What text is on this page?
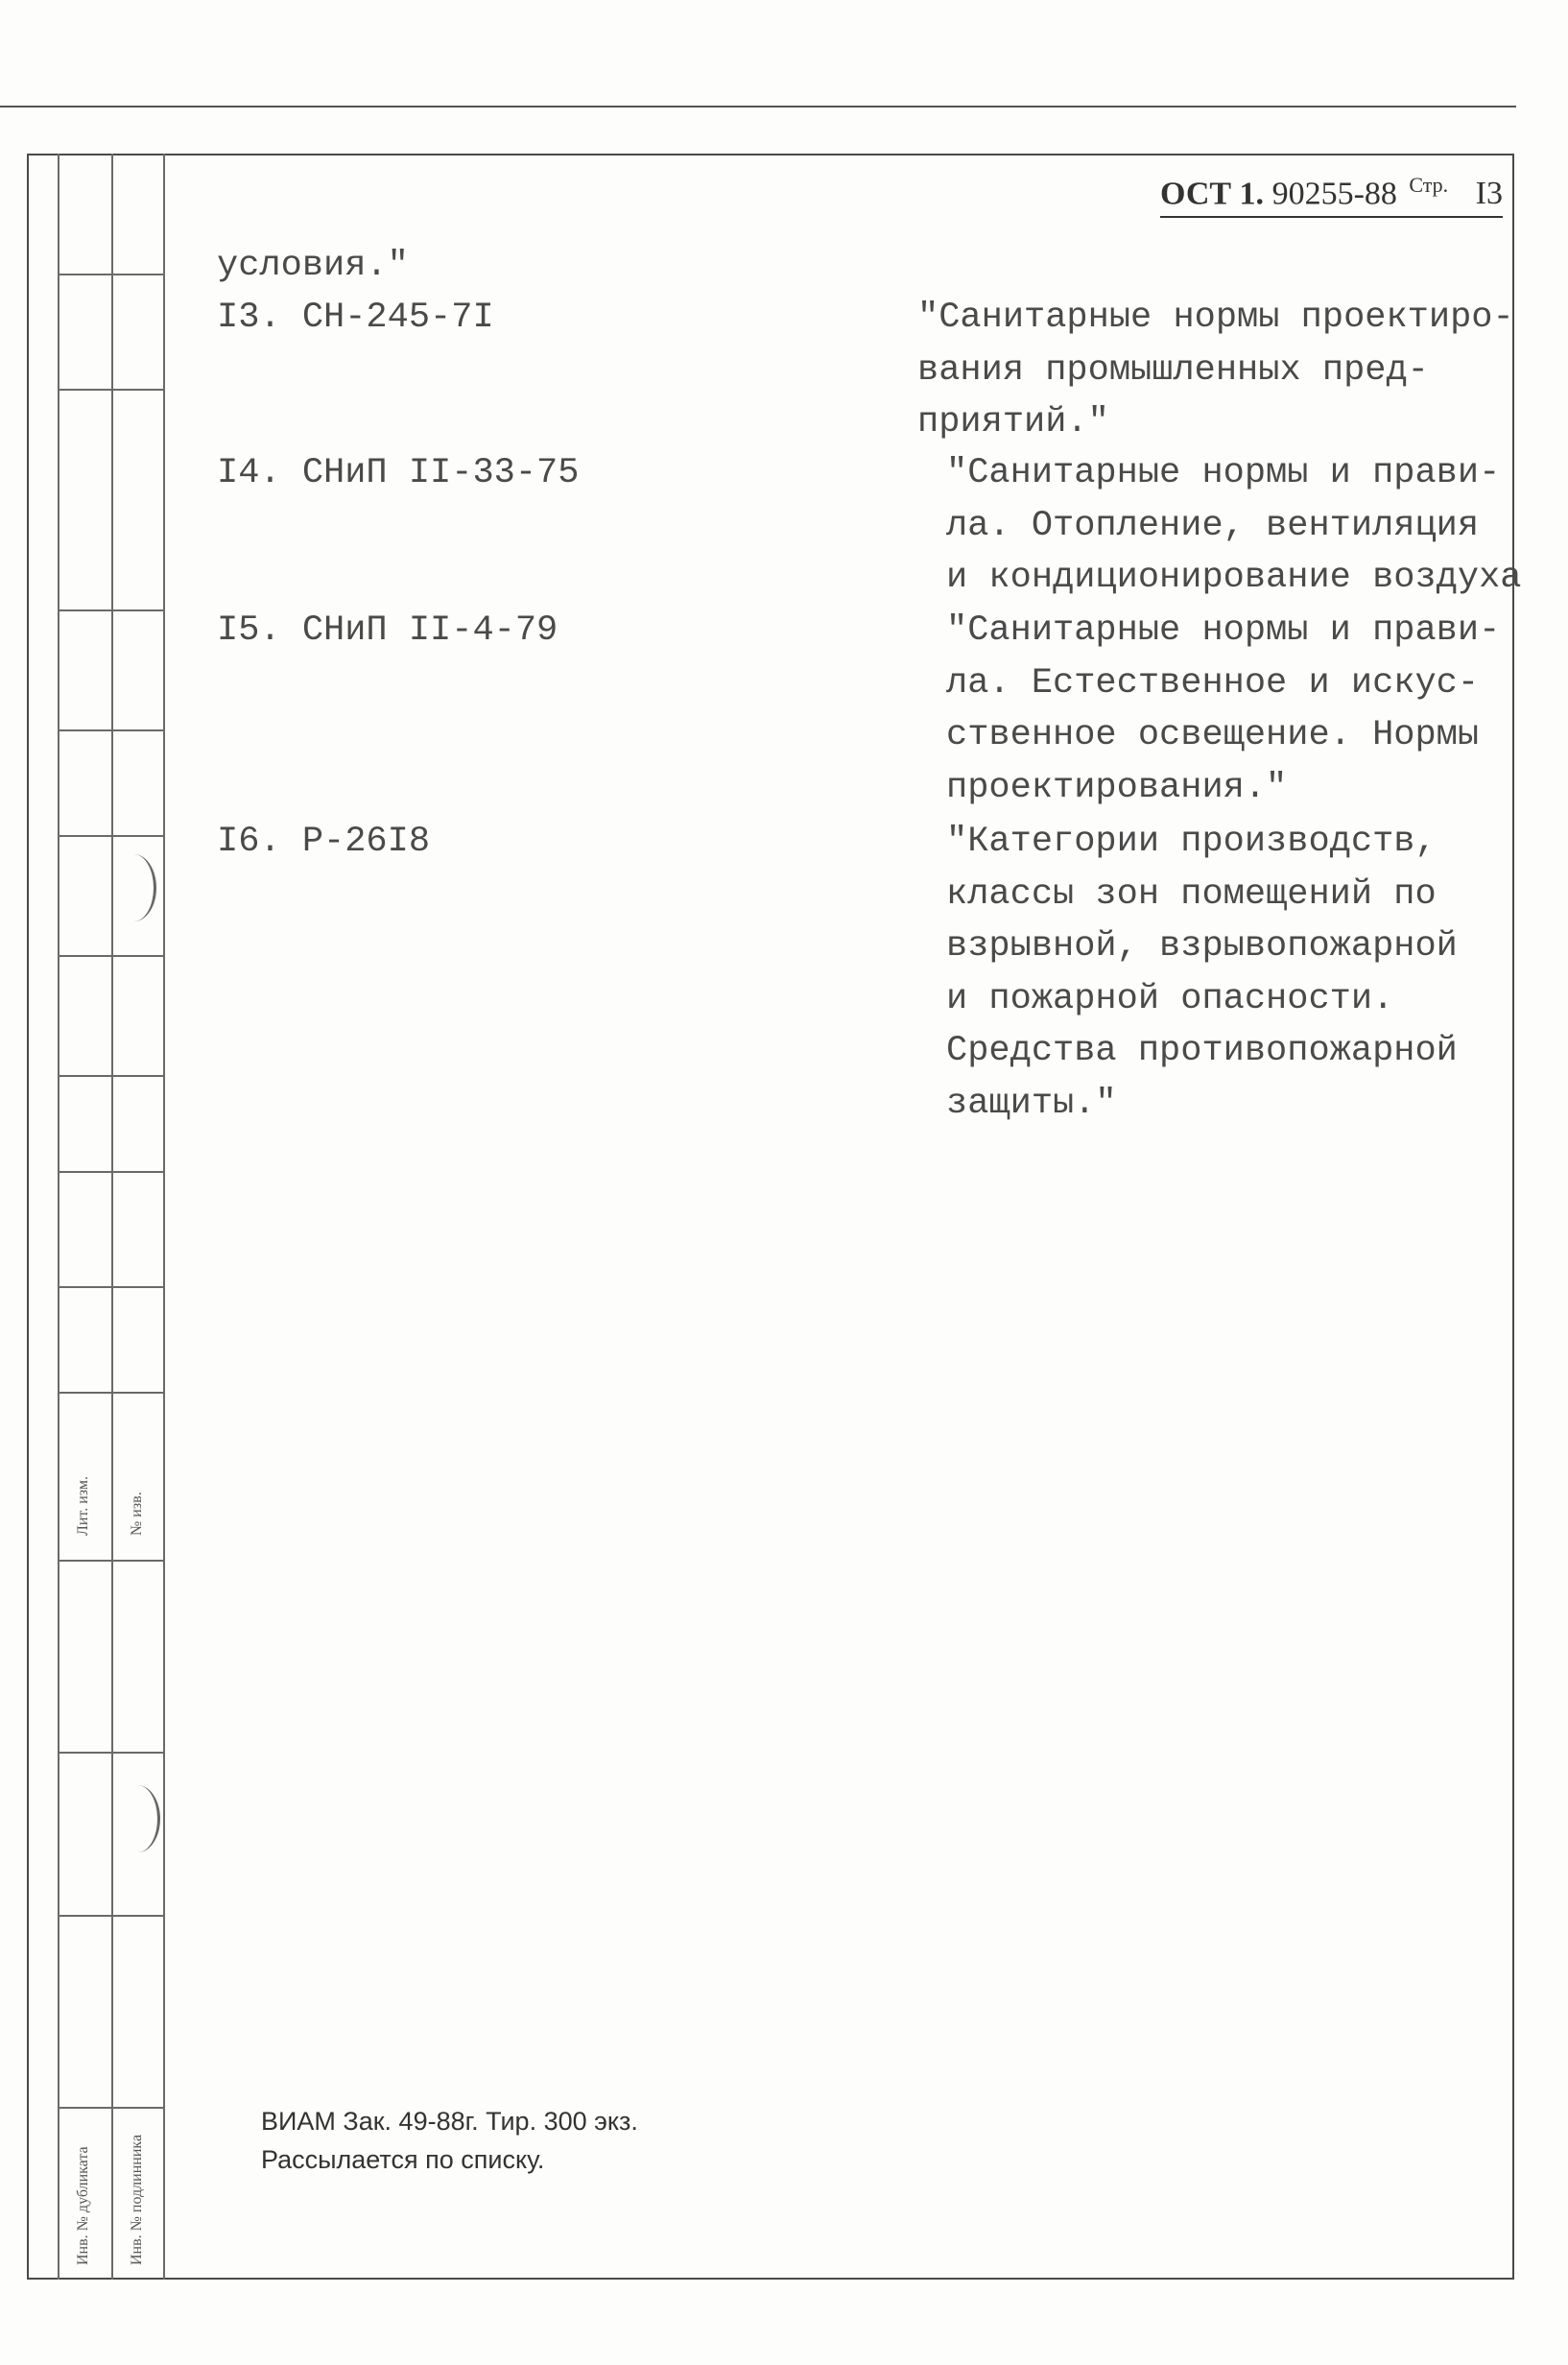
Лит. изм. № изв.
Инв. № дубликата Инв. № подлинника
ОСТ 1. 90255-88 $^{Стр.}$ I3
условия."
I3. СН-245-7I	"Санитарные нормы проектиро-
вания промышленных пред-
приятий."
I4. СНиП II-33-75	"Санитарные нормы и прави-
ла. Отопление, вентиляция
и кондиционирование воздуха
I5. СНиП II-4-79	"Санитарные нормы и прави-
ла. Естественное и искус-
ственное освещение. Нормы
проектирования."
I6. Р-26I8	"Категории производств,
классы зон помещений по
взрывной, взрывопожарной
и пожарной опасности.
Средства противопожарной
защиты."
ВИАМ Зак. 49-88г. Тир. 300 экз.
Рассылается по списку.
